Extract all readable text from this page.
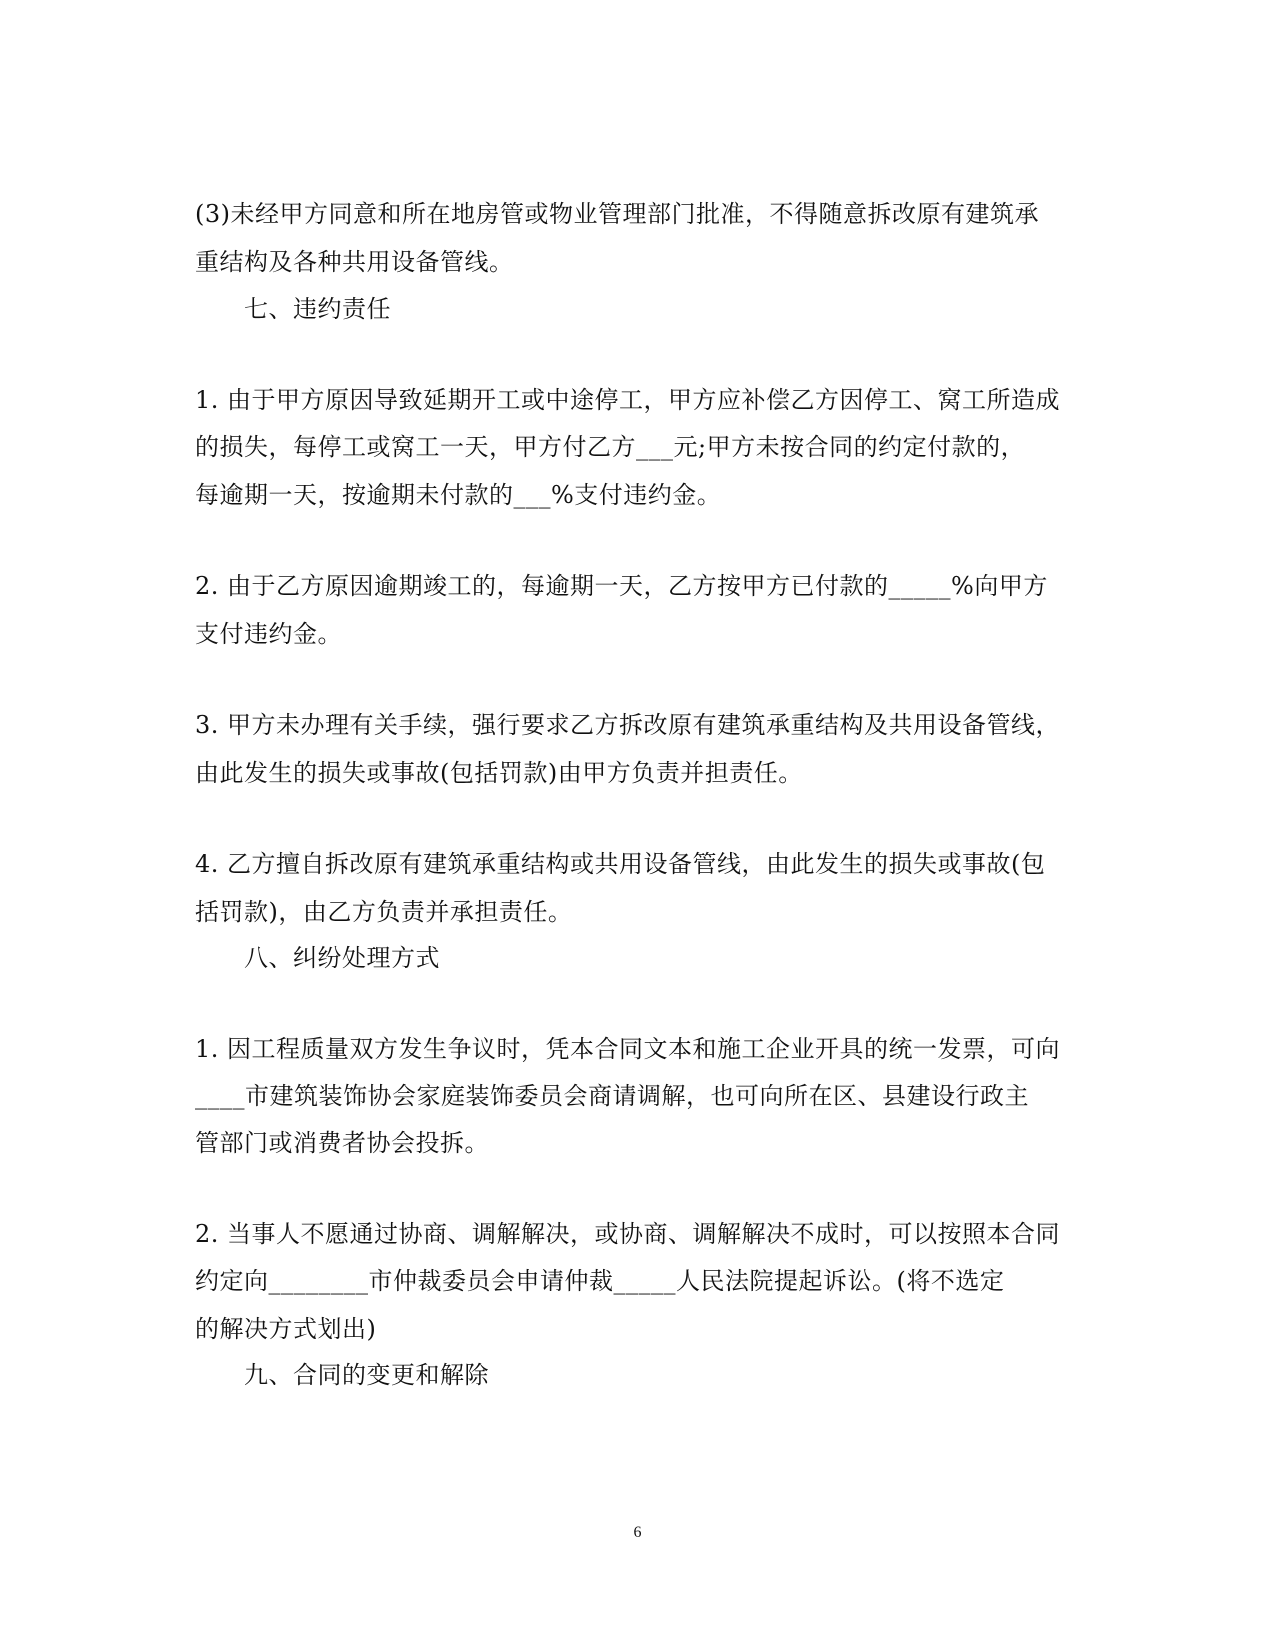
(3)未经甲方同意和所在地房管或物业管理部门批准，不得随意拆改原有建筑承
重结构及各种共用设备管线。
七、违约责任
1. 由于甲方原因导致延期开工或中途停工，甲方应补偿乙方因停工、窝工所造成
的损失，每停工或窝工一天，甲方付乙方___元;甲方未按合同的约定付款的，
每逾期一天，按逾期未付款的___%支付违约金。
2. 由于乙方原因逾期竣工的，每逾期一天，乙方按甲方已付款的_____%向甲方
支付违约金。
3. 甲方未办理有关手续，强行要求乙方拆改原有建筑承重结构及共用设备管线，
由此发生的损失或事故(包括罚款)由甲方负责并担责任。
4. 乙方擅自拆改原有建筑承重结构或共用设备管线，由此发生的损失或事故(包
括罚款)，由乙方负责并承担责任。
八、纠纷处理方式
1. 因工程质量双方发生争议时，凭本合同文本和施工企业开具的统一发票，可向
____市建筑装饰协会家庭装饰委员会商请调解，也可向所在区、县建设行政主
管部门或消费者协会投拆。
2. 当事人不愿通过协商、调解解决，或协商、调解解决不成时，可以按照本合同
约定向________市仲裁委员会申请仲裁_____人民法院提起诉讼。(将不选定
的解决方式划出)
九、合同的变更和解除
6
